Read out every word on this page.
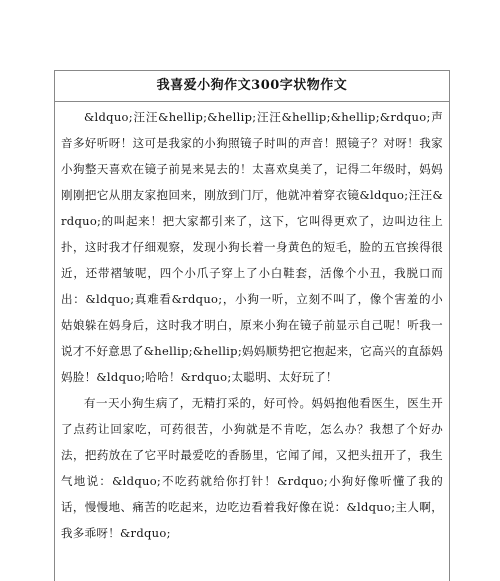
我喜爱小狗作文300字状物作文

&ldquo;汪汪&hellip;&hellip;汪汪&hellip;&hellip;&rdquo;声音多好听呀！这可是我家的小狗照镜子时叫的声音！照镜子？对呀！我家小狗整天喜欢在镜子前晃来晃去的！太喜欢臭美了，记得二年级时，妈妈刚刚把它从朋友家抱回来，刚放到门厅，他就冲着穿衣镜&ldquo;汪汪&rdquo;的叫起来！把大家都引来了，这下，它叫得更欢了，边叫边往上扑，这时我才仔细观察，发现小狗长着一身黄色的短毛，脸的五官挨得很近，还带褶皱呢，四个小爪子穿上了小白鞋套，活像个小丑，我脱口而出：&ldquo;真难看&rdquo;，小狗一听，立刻不叫了，像个害羞的小姑娘躲在妈身后，这时我才明白，原来小狗在镜子前显示自己呢！听我一说才不好意思了&hellip;&hellip;妈妈顺势把它抱起来，它高兴的直舔妈妈脸！&ldquo;哈哈！&rdquo;太聪明、太好玩了！

有一天小狗生病了，无精打采的，好可怜。妈妈抱他看医生，医生开了点药让回家吃，可药很苦，小狗就是不肯吃，怎么办？我想了个好办法，把药放在了它平时最爱吃的香肠里，它闻了闻，又把头扭开了，我生气地说：&ldquo;不吃药就给你打针！&rdquo;小狗好像听懂了我的话，慢慢地、痛苦的吃起来，边吃边看着我好像在说：&ldquo;主人啊，我多乖呀！&rdquo;
